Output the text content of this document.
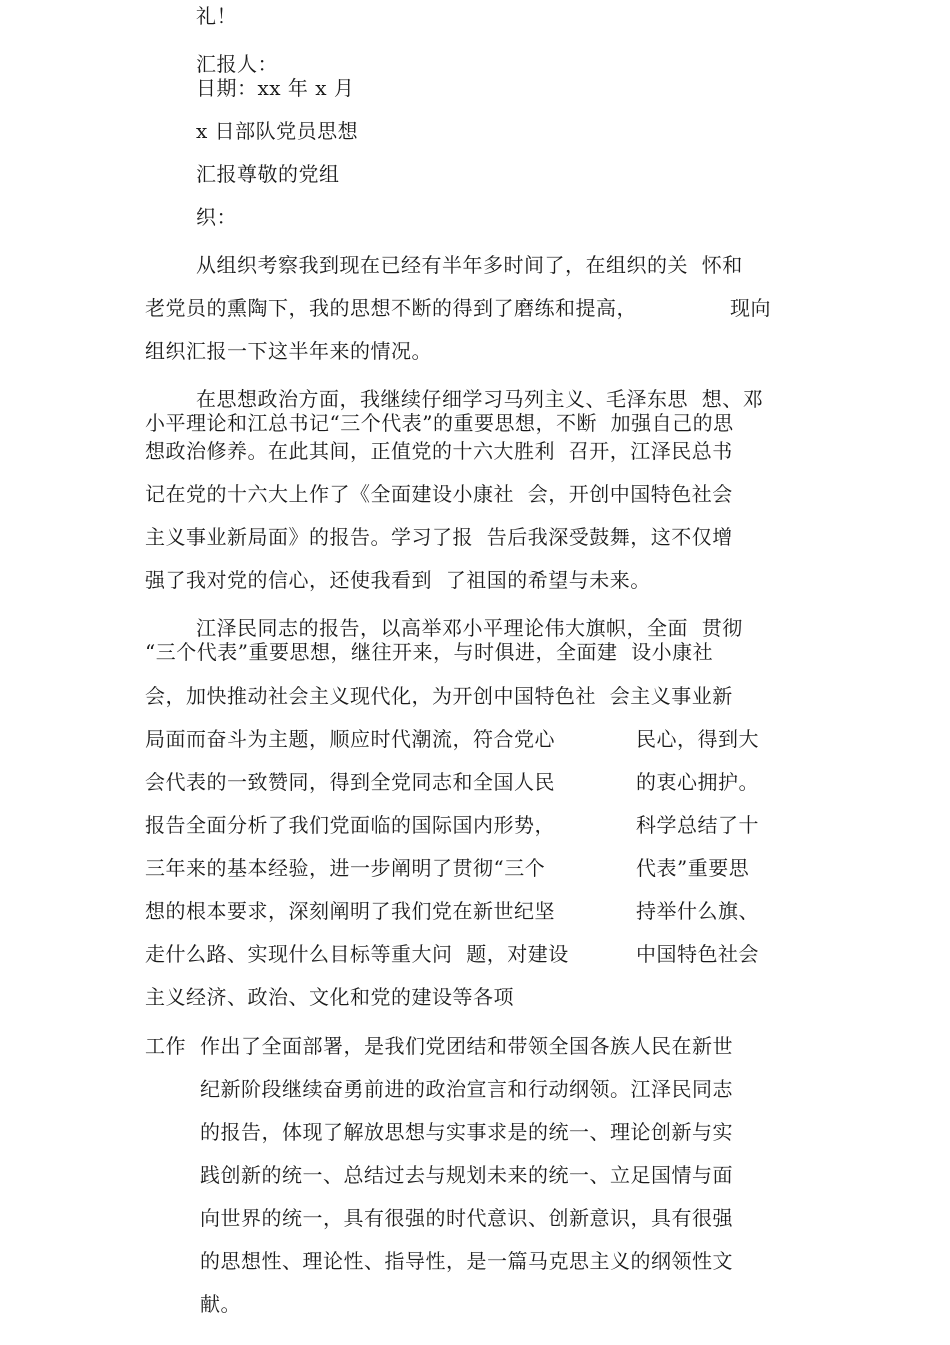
礼！
汇报人：
日期：xx 年 x 月
x 日部队党员思想
汇报尊敬的党组
织：
从组织考察我到现在已经有半年多时间了，在组织的关  怀和
老党员的熏陶下，我的思想不断的得到了磨练和提高，	现向
组织汇报一下这半年来的情况。
在思想政治方面，我继续仔细学习马列主义、毛泽东思  想、邓
小平理论和江总书记“三个代表”的重要思想，不断  加强自己的思
想政治修养。在此其间，正值党的十六大胜利  召开，江泽民总书
记在党的十六大上作了《全面建设小康社  会，开创中国特色社会
主义事业新局面》的报告。学习了报  告后我深受鼓舞，这不仅增
强了我对党的信心，还使我看到  了祖国的希望与未来。
江泽民同志的报告，以高举邓小平理论伟大旗帜，全面  贯彻
“三个代表”重要思想，继往开来，与时俱进，全面建  设小康社
会，加快推动社会主义现代化，为开创中国特色社  会主义事业新
局面而奋斗为主题，顺应时代潮流，符合党心	民心，得到大
会代表的一致赞同，得到全党同志和全国人民	的衷心拥护。
报告全面分析了我们党面临的国际国内形势，	科学总结了十
三年来的基本经验，进一步阐明了贯彻“三个	代表”重要思
想的根本要求，深刻阐明了我们党在新世纪坚	持举什么旗、
走什么路、实现什么目标等重大问  题，对建设	中国特色社会
主义经济、政治、文化和党的建设等各项
工作 作出了全面部署，是我们党团结和带领全国各族人民在新世
纪新阶段继续奋勇前进的政治宣言和行动纲领。江泽民同志
的报告，体现了解放思想与实事求是的统一、理论创新与实
践创新的统一、总结过去与规划未来的统一、立足国情与面
向世界的统一，具有很强的时代意识、创新意识，具有很强
的思想性、理论性、指导性，是一篇马克思主义的纲领性文
献。
